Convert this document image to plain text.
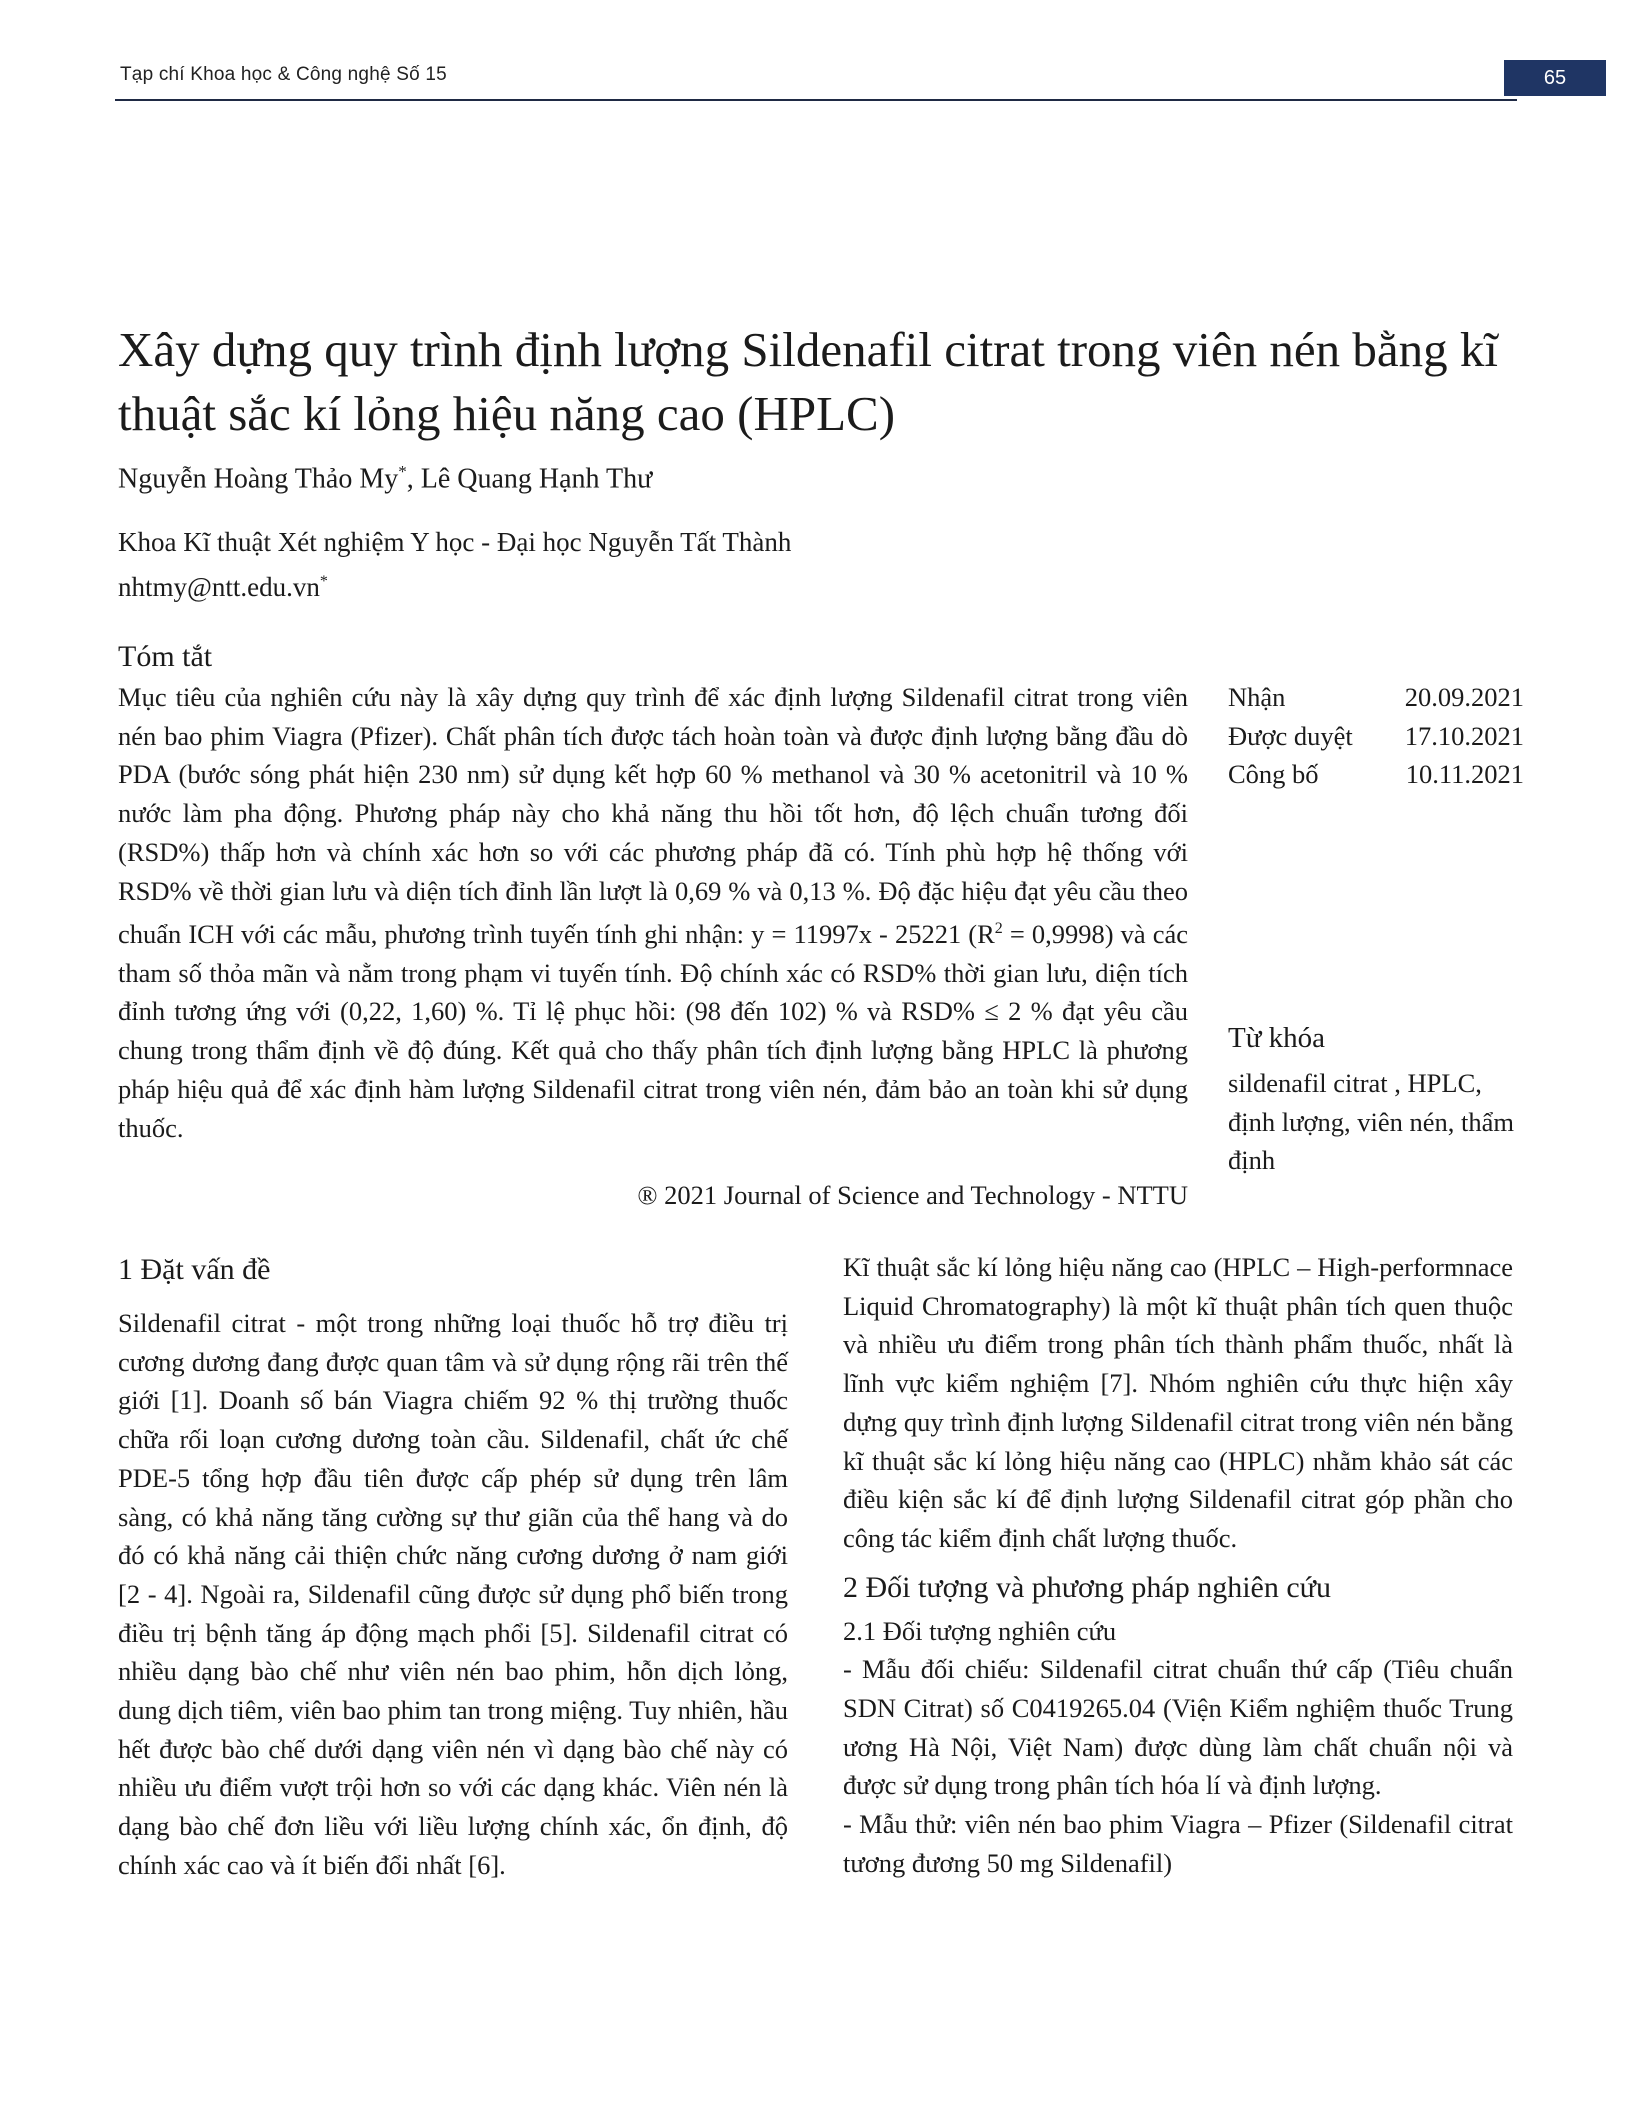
Tạp chí Khoa học & Công nghệ Số 15	65
Xây dựng quy trình định lượng Sildenafil citrat trong viên nén bằng kĩ thuật sắc kí lỏng hiệu năng cao (HPLC)
Nguyễn Hoàng Thảo My*, Lê Quang Hạnh Thư
Khoa Kĩ thuật Xét nghiệm Y học - Đại học Nguyễn Tất Thành
nhtmy@ntt.edu.vn*
Tóm tắt

Mục tiêu của nghiên cứu này là xây dựng quy trình để xác định lượng Sildenafil citrat trong viên nén bao phim Viagra (Pfizer). Chất phân tích được tách hoàn toàn và được định lượng bằng đầu dò PDA (bước sóng phát hiện 230 nm) sử dụng kết hợp 60 % methanol và 30 % acetonitril và 10 % nước làm pha động. Phương pháp này cho khả năng thu hồi tốt hơn, độ lệch chuẩn tương đối (RSD%) thấp hơn và chính xác hơn so với các phương pháp đã có. Tính phù hợp hệ thống với RSD% về thời gian lưu và diện tích đỉnh lần lượt là 0,69 % và 0,13 %. Độ đặc hiệu đạt yêu cầu theo chuẩn ICH với các mẫu, phương trình tuyến tính ghi nhận: y = 11997x - 25221 $(R^2 = 0,9998)$ và các tham số thỏa mãn và nằm trong phạm vi tuyến tính. Độ chính xác có RSD% thời gian lưu, diện tích đỉnh tương ứng với (0,22, 1,60) %. Tỉ lệ phục hồi: (98 đến 102) % và RSD% ≤ 2 % đạt yêu cầu chung trong thẩm định về độ đúng. Kết quả cho thấy phân tích định lượng bằng HPLC là phương pháp hiệu quả để xác định hàm lượng Sildenafil citrat trong viên nén, đảm bảo an toàn khi sử dụng thuốc.

® 2021 Journal of Science and Technology - NTTU
Nhận	20.09.2021
Được duyệt 17.10.2021
Công bố	10.11.2021
Từ khóa
sildenafil citrat , HPLC, định lượng, viên nén, thẩm định

1 Đặt vấn đề

Sildenafil citrat - một trong những loại thuốc hỗ trợ điều trị cương dương đang được quan tâm và sử dụng rộng rãi trên thế giới [1]. Doanh số bán Viagra chiếm 92 % thị trường thuốc chữa rối loạn cương dương toàn cầu. Sildenafil, chất ức chế PDE-5 tổng hợp đầu tiên được cấp phép sử dụng trên lâm sàng, có khả năng tăng cường sự thư giãn của thể hang và do đó có khả năng cải thiện chức năng cương dương ở nam giới [2 - 4]. Ngoài ra, Sildenafil cũng được sử dụng phổ biến trong điều trị bệnh tăng áp động mạch phổi [5]. Sildenafil citrat có nhiều dạng bào chế như viên nén bao phim, hỗn dịch lỏng, dung dịch tiêm, viên bao phim tan trong miệng. Tuy nhiên, hầu hết được bào chế dưới dạng viên nén vì dạng bào chế này có nhiều ưu điểm vượt trội hơn so với các dạng khác. Viên nén là dạng bào chế đơn liều với liều lượng chính xác, ổn định, độ chính xác cao và ít biến đổi nhất [6].

Kĩ thuật sắc kí lỏng hiệu năng cao (HPLC – High-performnace Liquid Chromatography) là một kĩ thuật phân tích quen thuộc và nhiều ưu điểm trong phân tích thành phẩm thuốc, nhất là lĩnh vực kiểm nghiệm [7]. Nhóm nghiên cứu thực hiện xây dựng quy trình định lượng Sildenafil citrat trong viên nén bằng kĩ thuật sắc kí lỏng hiệu năng cao (HPLC) nhằm khảo sát các điều kiện sắc kí để định lượng Sildenafil citrat góp phần cho công tác kiểm định chất lượng thuốc.

2 Đối tượng và phương pháp nghiên cứu

2.1 Đối tượng nghiên cứu

- Mẫu đối chiếu: Sildenafil citrat chuẩn thứ cấp (Tiêu chuẩn SDN Citrat) số C0419265.04 (Viện Kiểm nghiệm thuốc Trung ương Hà Nội, Việt Nam) được dùng làm chất chuẩn nội và được sử dụng trong phân tích hóa lí và định lượng.

- Mẫu thử: viên nén bao phim Viagra – Pfizer (Sildenafil citrat tương đương 50 mg Sildenafil)
